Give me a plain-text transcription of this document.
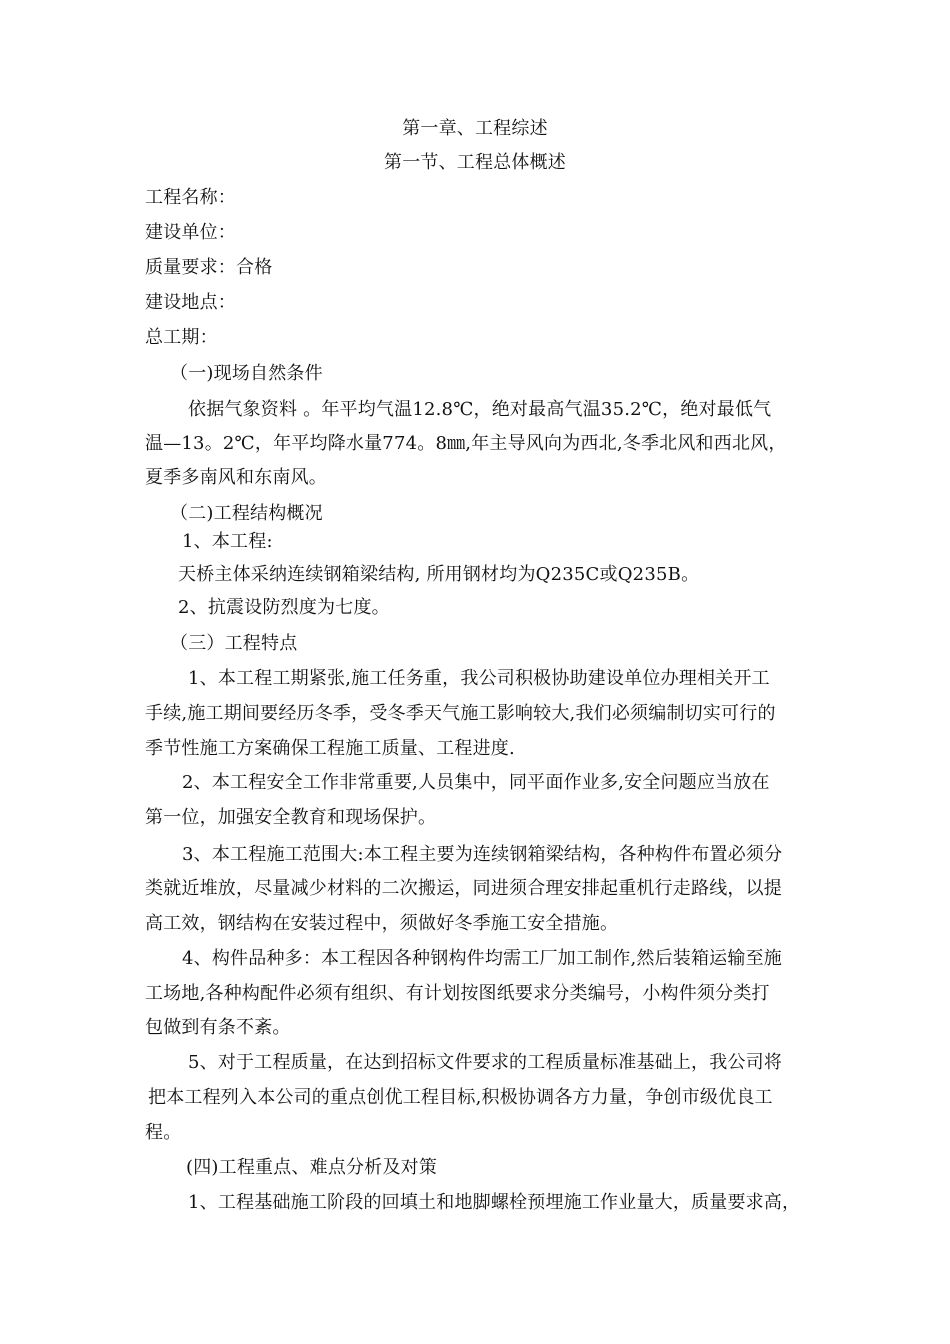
第一章、工程综述
第一节、工程总体概述
工程名称：
建设单位：
质量要求：合格
建设地点：
总工期：
（一)现场自然条件
依据气象资料 。年平均气温12.8℃，绝对最高气温35.2℃，绝对最低气
温—13。2℃，年平均降水量774。8㎜,年主导风向为西北,冬季北风和西北风，
夏季多南风和东南风。
（二)工程结构概况
1、本工程:
天桥主体采纳连续钢箱梁结构, 所用钢材均为Q235C或Q235B。
2、抗震设防烈度为七度。
（三）工程特点
1、本工程工期紧张,施工任务重，我公司积极协助建设单位办理相关开工
手续,施工期间要经历冬季，受冬季天气施工影响较大,我们必须编制切实可行的
季节性施工方案确保工程施工质量、工程进度.
2、本工程安全工作非常重要,人员集中，同平面作业多,安全问题应当放在
第一位，加强安全教育和现场保护。
3、本工程施工范围大:本工程主要为连续钢箱梁结构，各种构件布置必须分
类就近堆放，尽量减少材料的二次搬运，同进须合理安排起重机行走路线，以提
高工效，钢结构在安装过程中，须做好冬季施工安全措施。
4、构件品种多：本工程因各种钢构件均需工厂加工制作,然后装箱运输至施
工场地,各种构配件必须有组织、有计划按图纸要求分类编号，小构件须分类打
包做到有条不紊。
5、对于工程质量，在达到招标文件要求的工程质量标准基础上，我公司将
把本工程列入本公司的重点创优工程目标,积极协调各方力量，争创市级优良工
程。
(四)工程重点、难点分析及对策
1、工程基础施工阶段的回填土和地脚螺栓预埋施工作业量大，质量要求高，
